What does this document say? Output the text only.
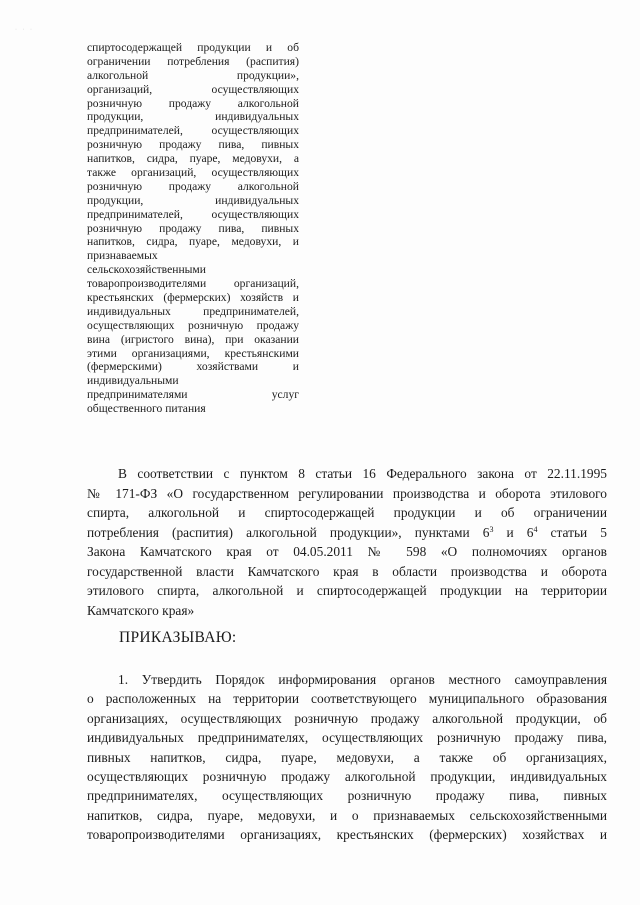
· · ·
спиртосодержащей продукции и об
ограничении потребления (распития)
алкогольной продукции»,
организаций, осуществляющих
розничную продажу алкогольной
продукции, индивидуальных
предпринимателей, осуществляющих
розничную продажу пива, пивных
напитков, сидра, пуаре, медовухи, а
также организаций, осуществляющих
розничную продажу алкогольной
продукции, индивидуальных
предпринимателей, осуществляющих
розничную продажу пива, пивных
напитков, сидра, пуаре, медовухи, и
признаваемых
сельскохозяйственными
товаропроизводителями организаций,
крестьянских (фермерских) хозяйств и
индивидуальных предпринимателей,
осуществляющих розничную продажу
вина (игристого вина), при оказании
этими организациями, крестьянскими
(фермерскими) хозяйствами и
индивидуальными
предпринимателями услуг
общественного питания
В соответствии с пунктом 8 статьи 16 Федерального закона от 22.11.1995
№ 171-ФЗ «О государственном регулировании производства и оборота этилового
спирта, алкогольной и спиртосодержащей продукции и об ограничении
потребления (распития) алкогольной продукции», пунктами $6^3$ и $6^4$ статьи 5
Закона Камчатского края от 04.05.2011 № 598 «О полномочиях органов
государственной власти Камчатского края в области производства и оборота
этилового спирта, алкогольной и спиртосодержащей продукции на территории
Камчатского края»
ПРИКАЗЫВАЮ:
1. Утвердить Порядок информирования органов местного самоуправления
о расположенных на территории соответствующего муниципального образования
организациях, осуществляющих розничную продажу алкогольной продукции, об
индивидуальных предпринимателях, осуществляющих розничную продажу пива,
пивных напитков, сидра, пуаре, медовухи, а также об организациях,
осуществляющих розничную продажу алкогольной продукции, индивидуальных
предпринимателях, осуществляющих розничную продажу пива, пивных
напитков, сидра, пуаре, медовухи, и о признаваемых сельскохозяйственными
товаропроизводителями организациях, крестьянских (фермерских) хозяйствах и
